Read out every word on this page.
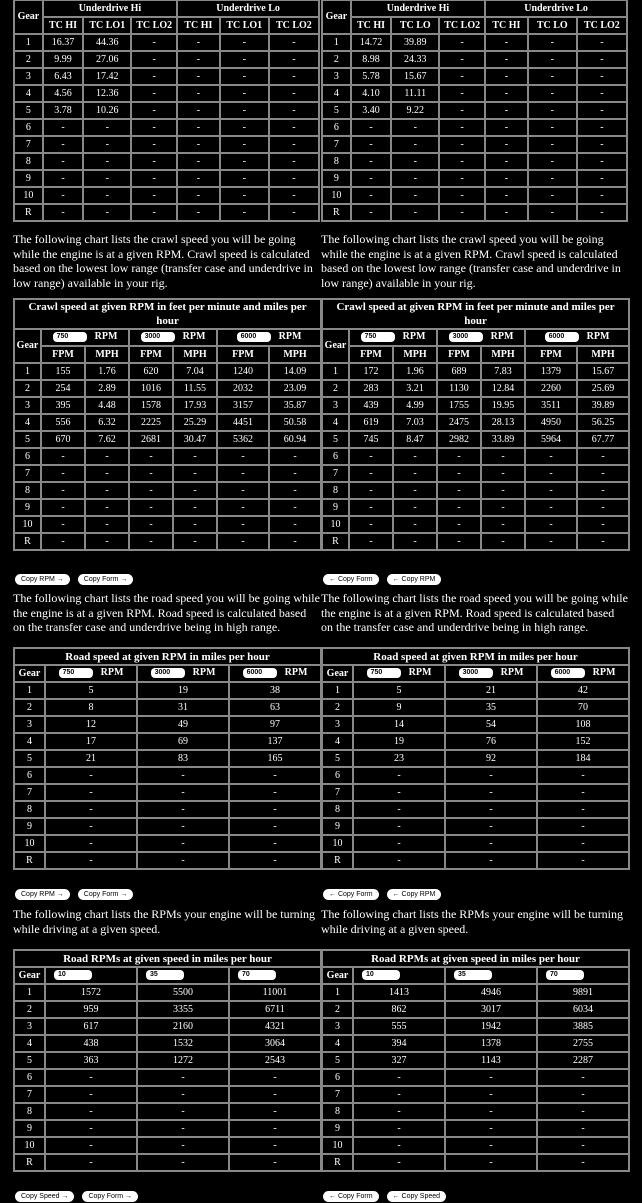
Gear	Underdrive Hi			Underdrive Lo		
	TC HI	TC LO1	TC LO2	TC HI	TC LO1	TC LO2
1	16.37	44.36	-	-	-	-
2	9.99	27.06	-	-	-	-
3	6.43	17.42	-	-	-	-
4	4.56	12.36	-	-	-	-
5	3.78	10.26	-	-	-	-
6	-	-	-	-	-	-
7	-	-	-	-	-	-
8	-	-	-	-	-	-
9	-	-	-	-	-	-
10	-	-	-	-	-	-
R	-	-	-	-	-	-

The following chart lists the crawl speed you will be going while the engine is at a given RPM. Crawl speed is calculated based on the lowest low range (transfer case and underdrive in low range) available in your rig.

Crawl speed at given RPM in feet per minute and miles per hour						
Gear	750 RPM		3000 RPM		6000 RPM	
	FPM	MPH	FPM	MPH	FPM	MPH
1	155	1.76	620	7.04	1240	14.09
2	254	2.89	1016	11.55	2032	23.09
3	395	4.48	1578	17.93	3157	35.87
4	556	6.32	2225	25.29	4451	50.58
5	670	7.62	2681	30.47	5362	60.94
6	-	-	-	-	-	-
7	-	-	-	-	-	-
8	-	-	-	-	-	-
9	-	-	-	-	-	-
10	-	-	-	-	-	-
R	-	-	-	-	-	-
Copy RPM →	Copy Form →

The following chart lists the road speed you will be going while the engine is at a given RPM. Road speed is calculated based on the transfer case and underdrive being in high range.

Road speed at given RPM in miles per hour			
Gear	750 RPM	3000 RPM	6000 RPM
1	5	19	38
2	8	31	63
3	12	49	97
4	17	69	137
5	21	83	165
6	-	-	-
7	-	-	-
8	-	-	-
9	-	-	-
10	-	-	-
R	-	-	-
Copy RPM →	Copy Form →

The following chart lists the RPMs your engine will be turning while driving at a given speed.

Road RPMs at given speed in miles per hour			
Gear	10	35	70
1	1572	5500	11001
2	959	3355	6711
3	617	2160	4321
4	438	1532	3064
5	363	1272	2543
6	-	-	-
7	-	-	-
8	-	-	-
9	-	-	-
10	-	-	-
R	-	-	-
Copy Speed →	Copy Form →
Gear	Underdrive Hi			Underdrive Lo		
	TC HI	TC LO	TC LO2	TC HI	TC LO	TC LO2
1	14.72	39.89	-	-	-	-
2	8.98	24.33	-	-	-	-
3	5.78	15.67	-	-	-	-
4	4.10	11.11	-	-	-	-
5	3.40	9.22	-	-	-	-
6	-	-	-	-	-	-
7	-	-	-	-	-	-
8	-	-	-	-	-	-
9	-	-	-	-	-	-
10	-	-	-	-	-	-
R	-	-	-	-	-	-

The following chart lists the crawl speed you will be going while the engine is at a given RPM. Crawl speed is calculated based on the lowest low range (transfer case and underdrive in low range) available in your rig.

Crawl speed at given RPM in feet per minute and miles per hour						
Gear	750 RPM		3000 RPM		6000 RPM	
	FPM	MPH	FPM	MPH	FPM	MPH
1	172	1.96	689	7.83	1379	15.67
2	283	3.21	1130	12.84	2260	25.69
3	439	4.99	1755	19.95	3511	39.89
4	619	7.03	2475	28.13	4950	56.25
5	745	8.47	2982	33.89	5964	67.77
6	-	-	-	-	-	-
7	-	-	-	-	-	-
8	-	-	-	-	-	-
9	-	-	-	-	-	-
10	-	-	-	-	-	-
R	-	-	-	-	-	-
← Copy Form	← Copy RPM

The following chart lists the road speed you will be going while the engine is at a given RPM. Road speed is calculated based on the transfer case and underdrive being in high range.

Road speed at given RPM in miles per hour			
Gear	750 RPM	3000 RPM	6000 RPM
1	5	21	42
2	9	35	70
3	14	54	108
4	19	76	152
5	23	92	184
6	-	-	-
7	-	-	-
8	-	-	-
9	-	-	-
10	-	-	-
R	-	-	-
← Copy Form	← Copy RPM

The following chart lists the RPMs your engine will be turning while driving at a given speed.

Road RPMs at given speed in miles per hour			
Gear	10	35	70
1	1413	4946	9891
2	862	3017	6034
3	555	1942	3885
4	394	1378	2755
5	327	1143	2287
6	-	-	-
7	-	-	-
8	-	-	-
9	-	-	-
10	-	-	-
R	-	-	-
← Copy Form	← Copy Speed
